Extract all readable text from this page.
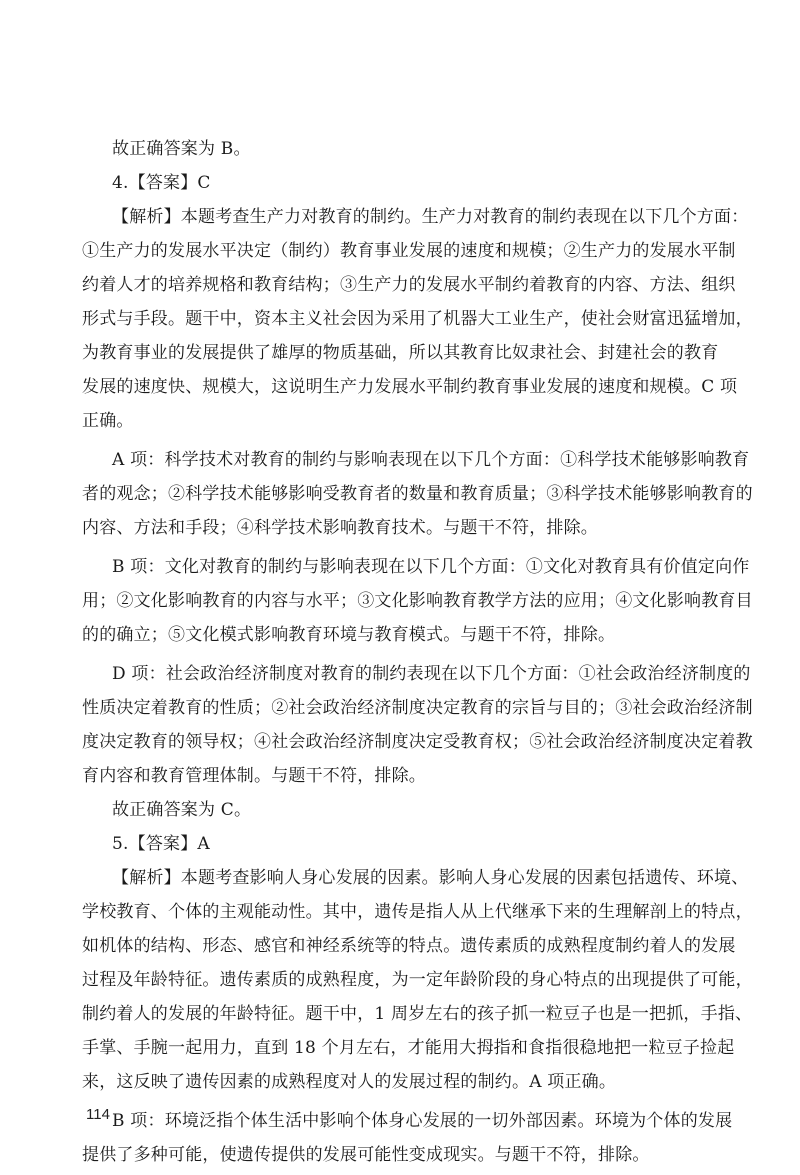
故正确答案为 B。

4.【答案】C

【解析】本题考查生产力对教育的制约。生产力对教育的制约表现在以下几个方面：

①生产力的发展水平决定（制约）教育事业发展的速度和规模；②生产力的发展水平制

约着人才的培养规格和教育结构；③生产力的发展水平制约着教育的内容、方法、组织

形式与手段。题干中，资本主义社会因为采用了机器大工业生产，使社会财富迅猛增加，

为教育事业的发展提供了雄厚的物质基础，所以其教育比奴隶社会、封建社会的教育

发展的速度快、规模大，这说明生产力发展水平制约教育事业发展的速度和规模。C 项

正确。

A 项：科学技术对教育的制约与影响表现在以下几个方面：①科学技术能够影响教育

者的观念；②科学技术能够影响受教育者的数量和教育质量；③科学技术能够影响教育的

内容、方法和手段；④科学技术影响教育技术。与题干不符，排除。

B 项：文化对教育的制约与影响表现在以下几个方面：①文化对教育具有价值定向作

用；②文化影响教育的内容与水平；③文化影响教育教学方法的应用；④文化影响教育目

的的确立；⑤文化模式影响教育环境与教育模式。与题干不符，排除。

D 项：社会政治经济制度对教育的制约表现在以下几个方面：①社会政治经济制度的

性质决定着教育的性质；②社会政治经济制度决定教育的宗旨与目的；③社会政治经济制

度决定教育的领导权；④社会政治经济制度决定受教育权；⑤社会政治经济制度决定着教

育内容和教育管理体制。与题干不符，排除。

故正确答案为 C。

5.【答案】A

【解析】本题考查影响人身心发展的因素。影响人身心发展的因素包括遗传、环境、

学校教育、个体的主观能动性。其中，遗传是指人从上代继承下来的生理解剖上的特点，

如机体的结构、形态、感官和神经系统等的特点。遗传素质的成熟程度制约着人的发展

过程及年龄特征。遗传素质的成熟程度，为一定年龄阶段的身心特点的出现提供了可能，

制约着人的发展的年龄特征。题干中，1 周岁左右的孩子抓一粒豆子也是一把抓，手指、

手掌、手腕一起用力，直到 18 个月左右，才能用大拇指和食指很稳地把一粒豆子捡起

来，这反映了遗传因素的成熟程度对人的发展过程的制约。A 项正确。

B 项：环境泛指个体生活中影响个体身心发展的一切外部因素。环境为个体的发展

提供了多种可能，使遗传提供的发展可能性变成现实。与题干不符，排除。

114
